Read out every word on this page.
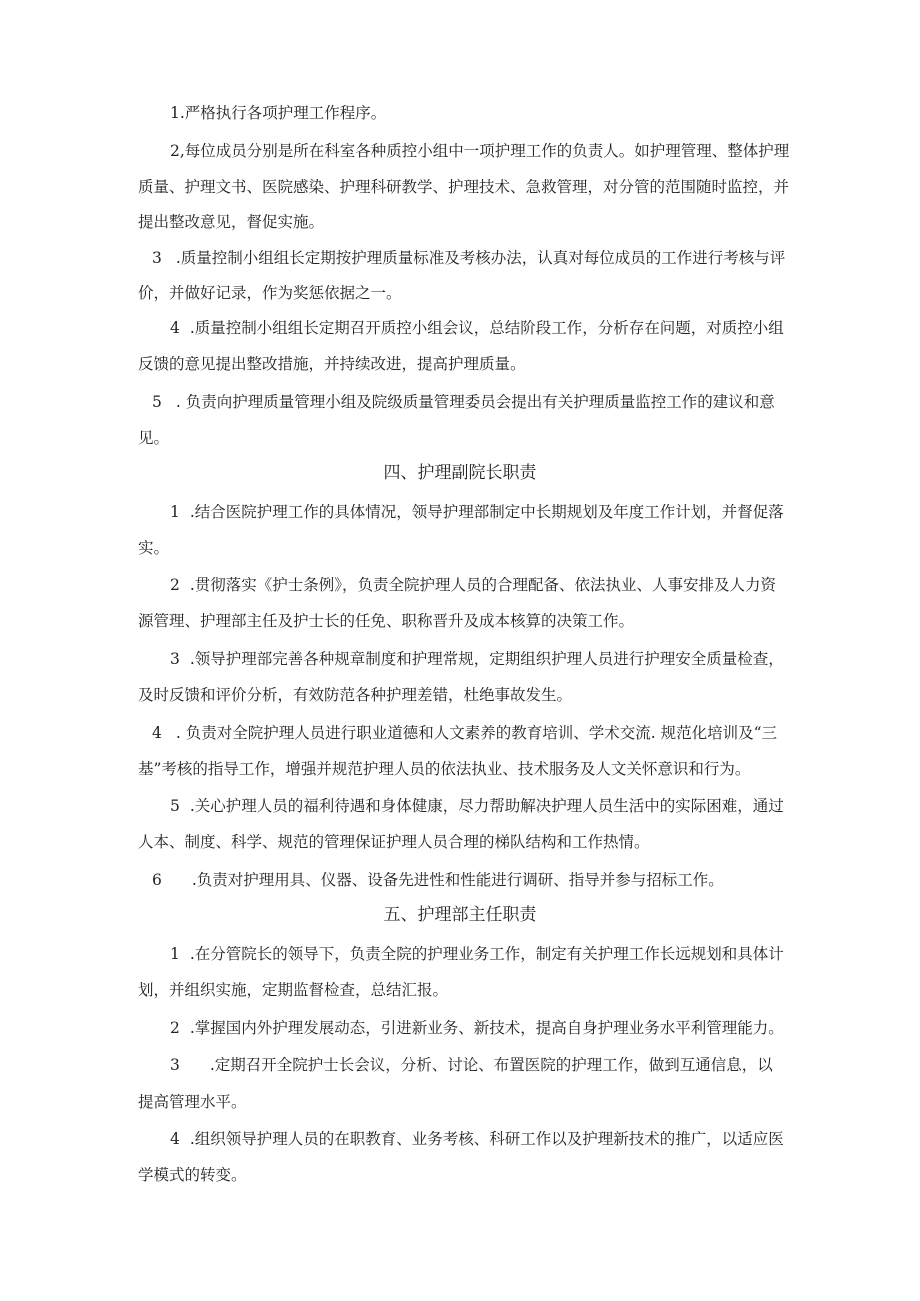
1.严格执行各项护理工作程序。

2,每位成员分别是所在科室各种质控小组中一项护理工作的负责人。如护理管理、整体护理

质量、护理文书、医院感染、护理科研教学、护理技术、急救管理，对分管的范围随时监控，并

提出整改意见，督促实施。

3 .质量控制小组组长定期按护理质量标准及考核办法，认真对每位成员的工作进行考核与评

价，并做好记录，作为奖惩依据之一。

4 .质量控制小组组长定期召开质控小组会议，总结阶段工作，分析存在问题，对质控小组

反馈的意见提出整改措施，并持续改进，提高护理质量。

5 . 负责向护理质量管理小组及院级质量管理委员会提出有关护理质量监控工作的建议和意

见。

四、护理副院长职责

1 .结合医院护理工作的具体情况，领导护理部制定中长期规划及年度工作计划，并督促落

实。

2 .贯彻落实《护士条例》，负责全院护理人员的合理配备、依法执业、人事安排及人力资

源管理、护理部主任及护士长的任免、职称晋升及成本核算的决策工作。

3 .领导护理部完善各种规章制度和护理常规，定期组织护理人员进行护理安全质量检查，

及时反馈和评价分析，有效防范各种护理差错，杜绝事故发生。

4 . 负责对全院护理人员进行职业道德和人文素养的教育培训、学术交流. 规范化培训及“三

基”考核的指导工作，增强并规范护理人员的依法执业、技术服务及人文关怀意识和行为。

5 .关心护理人员的福利待遇和身体健康，尽力帮助解决护理人员生活中的实际困难，通过

人本、制度、科学、规范的管理保证护理人员合理的梯队结构和工作热情。

6 .负责对护理用具、仪器、设备先进性和性能进行调研、指导并参与招标工作。

五、护理部主任职责

1 .在分管院长的领导下，负责全院的护理业务工作，制定有关护理工作长远规划和具体计

划，并组织实施，定期监督检查，总结汇报。

2 .掌握国内外护理发展动态，引进新业务、新技术，提高自身护理业务水平利管理能力。

3 .定期召开全院护士长会议，分析、讨论、布置医院的护理工作，做到互通信息，以

提高管理水平。

4 .组织领导护理人员的在职教育、业务考核、科研工作以及护理新技术的推广，以适应医

学模式的转变。
